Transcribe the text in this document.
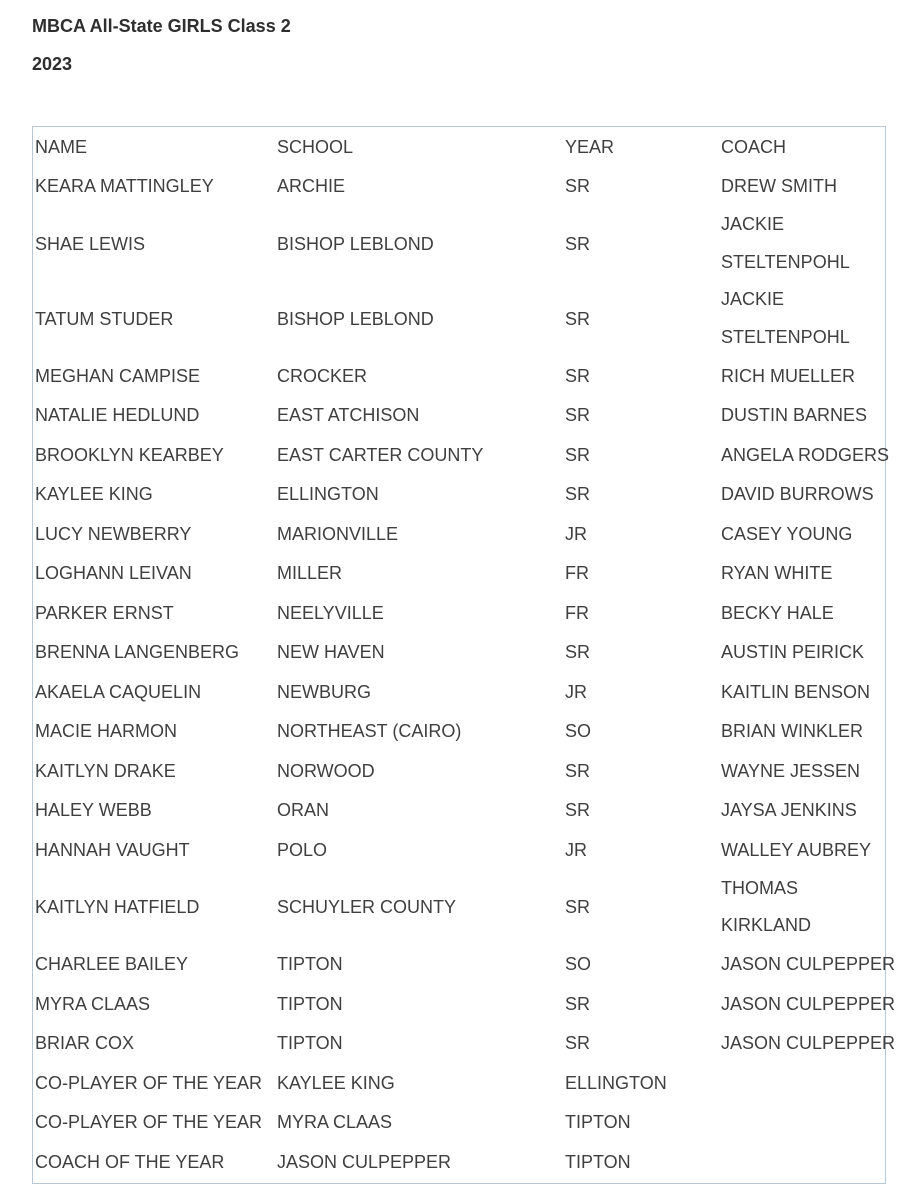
MBCA All-State GIRLS Class 2
2023
NAME	SCHOOL	YEAR	COACH
KEARA MATTINGLEY	ARCHIE	SR	DREW SMITH

SHAE LEWIS	BISHOP LEBLOND	SR	JACKIE
STELTENPOHL

TATUM STUDER	BISHOP LEBLOND	SR	JACKIE
STELTENPOHL

MEGHAN CAMPISE	CROCKER	SR	RICH MUELLER

NATALIE HEDLUND	EAST ATCHISON	SR	DUSTIN BARNES

BROOKLYN KEARBEY	EAST CARTER COUNTY	SR	ANGELA RODGERS

KAYLEE KING	ELLINGTON	SR	DAVID BURROWS

LUCY NEWBERRY	MARIONVILLE	JR	CASEY YOUNG

LOGHANN LEIVAN	MILLER	FR	RYAN WHITE

PARKER ERNST	NEELYVILLE	FR	BECKY HALE

BRENNA LANGENBERG	NEW HAVEN	SR	AUSTIN PEIRICK

AKAELA CAQUELIN	NEWBURG	JR	KAITLIN BENSON

MACIE HARMON	NORTHEAST (CAIRO)	SO	BRIAN WINKLER

KAITLYN DRAKE	NORWOOD	SR	WAYNE JESSEN

HALEY WEBB	ORAN	SR	JAYSA JENKINS

HANNAH VAUGHT	POLO	JR	WALLEY AUBREY

KAITLYN HATFIELD	SCHUYLER COUNTY	SR	THOMAS
KIRKLAND

CHARLEE BAILEY	TIPTON	SO	JASON CULPEPPER

MYRA CLAAS	TIPTON	SR	JASON CULPEPPER

BRIAR COX	TIPTON	SR	JASON CULPEPPER

CO-PLAYER OF THE YEAR	KAYLEE KING	ELLINGTON	
CO-PLAYER OF THE YEAR	MYRA CLAAS	TIPTON	
COACH OF THE YEAR	JASON CULPEPPER	TIPTON	
